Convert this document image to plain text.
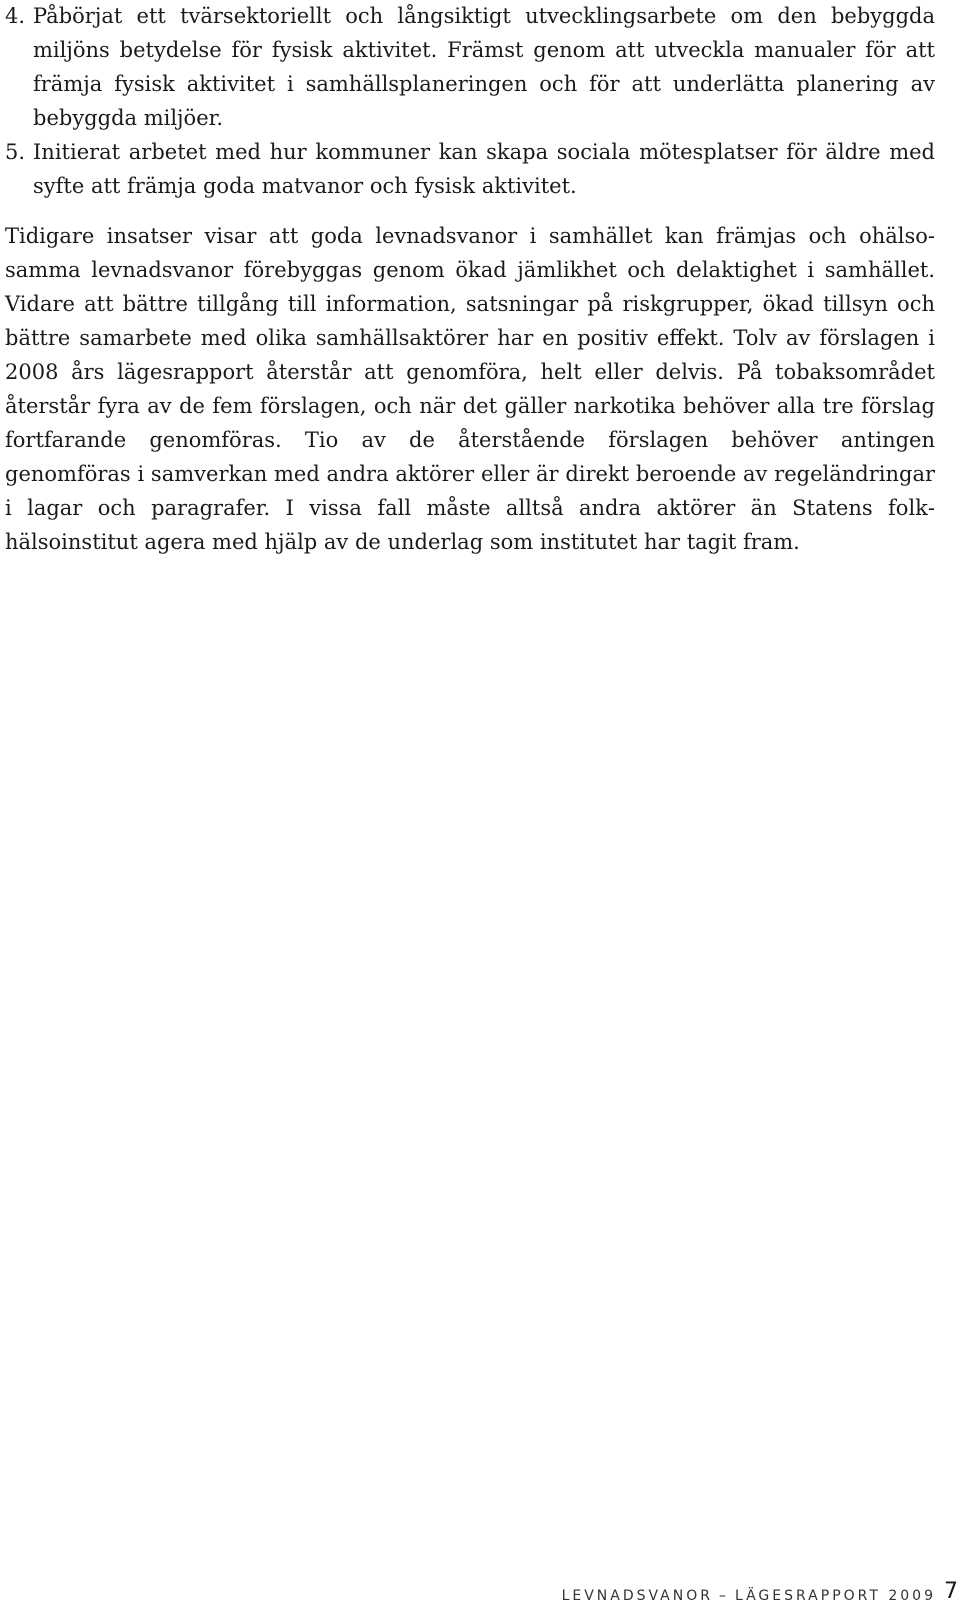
4. Påbörjat ett tvärsektoriellt och långsiktigt utvecklingsarbete om den bebyggda miljöns betydelse för fysisk aktivitet. Främst genom att utveckla manualer för att främja fysisk aktivitet i samhällsplaneringen och för att underlätta planering av bebyggda miljöer.
5. Initierat arbetet med hur kommuner kan skapa sociala mötesplatser för äldre med syfte att främja goda matvanor och fysisk aktivitet.

Tidigare insatser visar att goda levnadsvanor i samhället kan främjas och ohälsosamma levnadsvanor förebyggas genom ökad jämlikhet och delaktighet i samhället. Vidare att bättre tillgång till information, satsningar på riskgrupper, ökad tillsyn och bättre samarbete med olika samhällsaktörer har en positiv effekt. Tolv av förslagen i 2008 års lägesrapport återstår att genomföra, helt eller delvis. På tobaksområdet återstår fyra av de fem förslagen, och när det gäller narkotika behöver alla tre förslag fortfarande genomföras. Tio av de återstående förslagen behöver antingen genomföras i samverkan med andra aktörer eller är direkt beroende av regeländringar i lagar och paragrafer. I vissa fall måste alltså andra aktörer än Statens folkhälsoinstitut agera med hjälp av de underlag som institutet har tagit fram.

LEVNADSVANOR – LÄGESRAPPORT 2009 7
